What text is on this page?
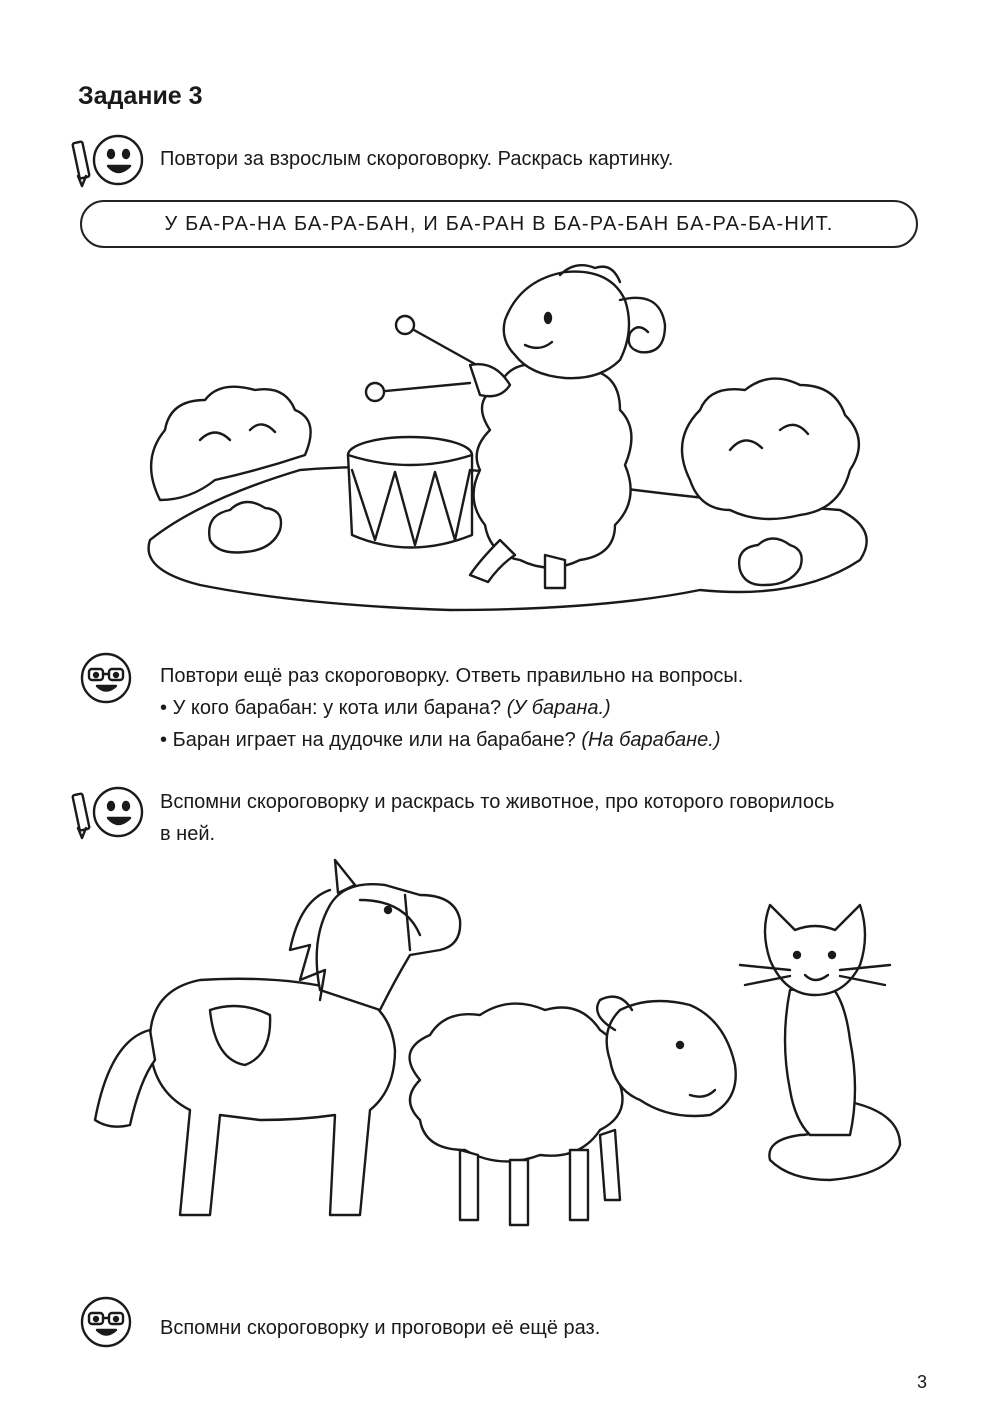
Задание 3
Повтори за взрослым скороговорку. Раскрась картинку.
У БА-РА-НА БА-РА-БАН, И БА-РАН В БА-РА-БАН БА-РА-БА-НИТ.
Повтори ещё раз скороговорку. Ответь правильно на вопросы.
• У кого барабан: у кота или барана? (У барана.)
• Баран играет на дудочке или на барабане? (На барабане.)
Вспомни скороговорку и раскрась то животное, про которого говорилось
в ней.
Вспомни скороговорку и проговори её ещё раз.
3
